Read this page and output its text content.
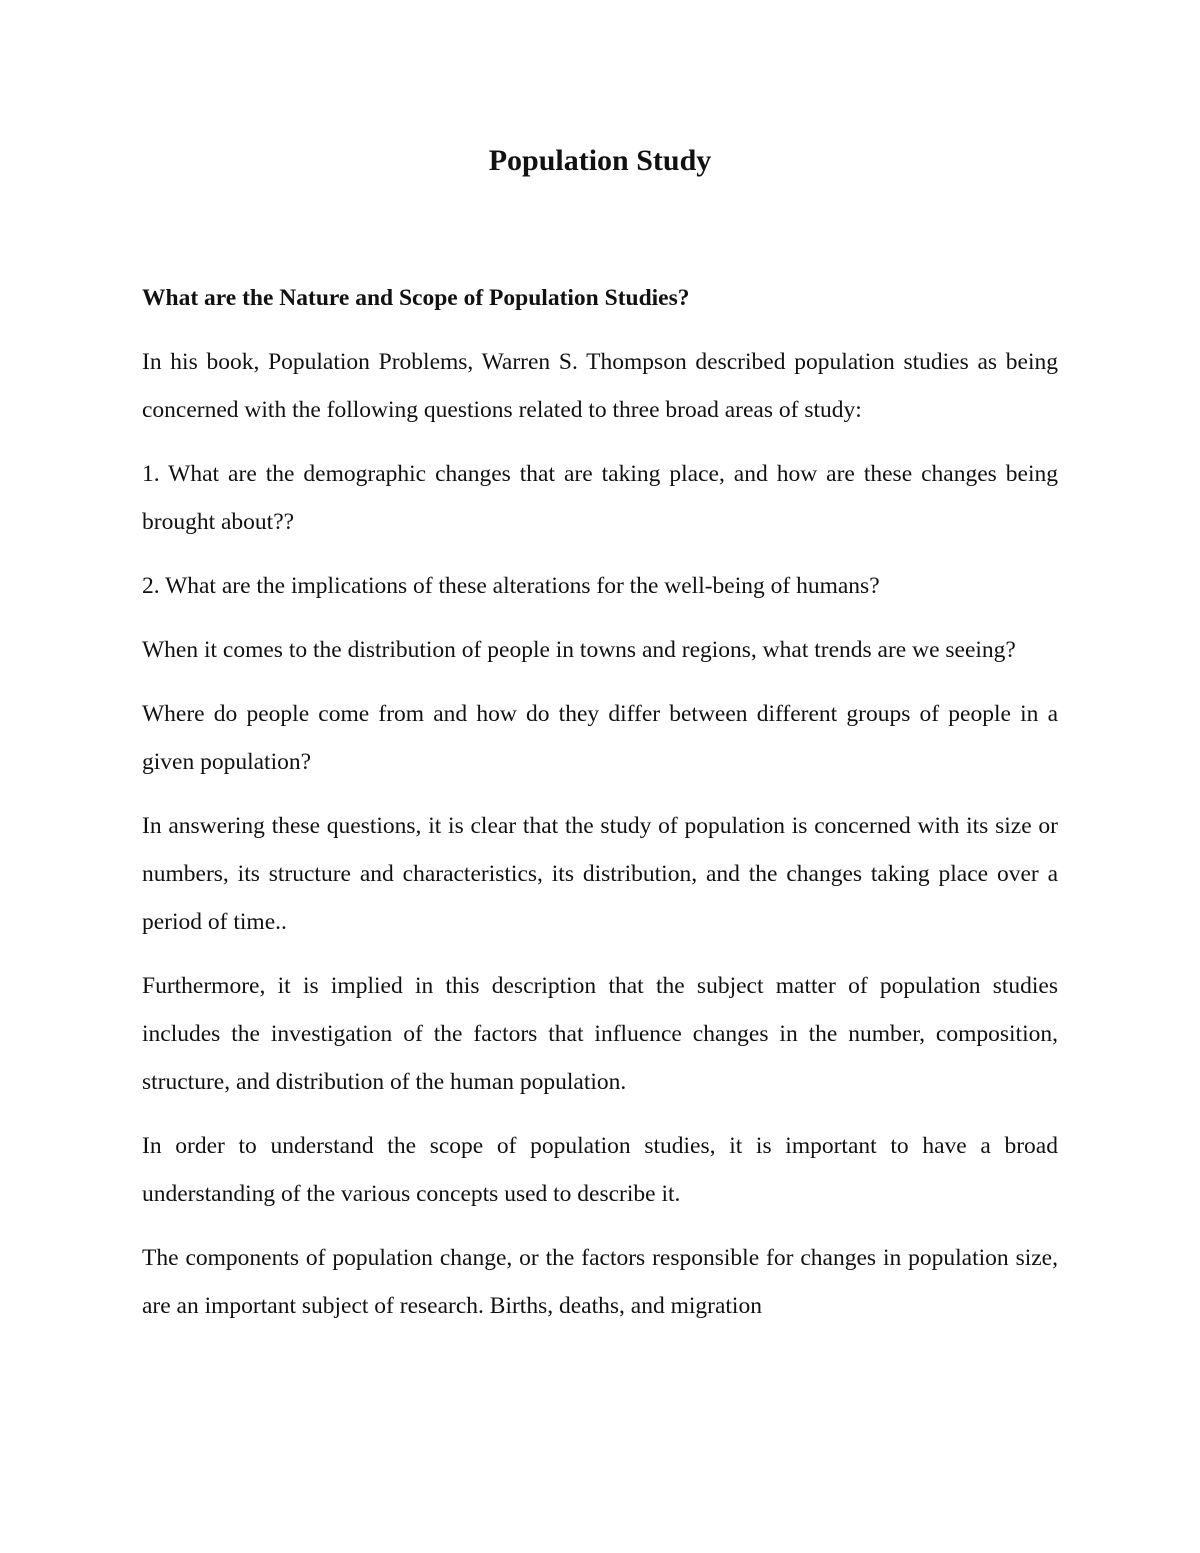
Population Study

What are the Nature and Scope of Population Studies?

In his book, Population Problems, Warren S. Thompson described population studies as being concerned with the following questions related to three broad areas of study:

1. What are the demographic changes that are taking place, and how are these changes being brought about??

2. What are the implications of these alterations for the well-being of humans?

When it comes to the distribution of people in towns and regions, what trends are we seeing?

Where do people come from and how do they differ between different groups of people in a given population?

In answering these questions, it is clear that the study of population is concerned with its size or numbers, its structure and characteristics, its distribution, and the changes taking place over a period of time..

Furthermore, it is implied in this description that the subject matter of population studies includes the investigation of the factors that influence changes in the number, composition, structure, and distribution of the human population.

In order to understand the scope of population studies, it is important to have a broad understanding of the various concepts used to describe it.

The components of population change, or the factors responsible for changes in population size, are an important subject of research. Births, deaths, and migration
